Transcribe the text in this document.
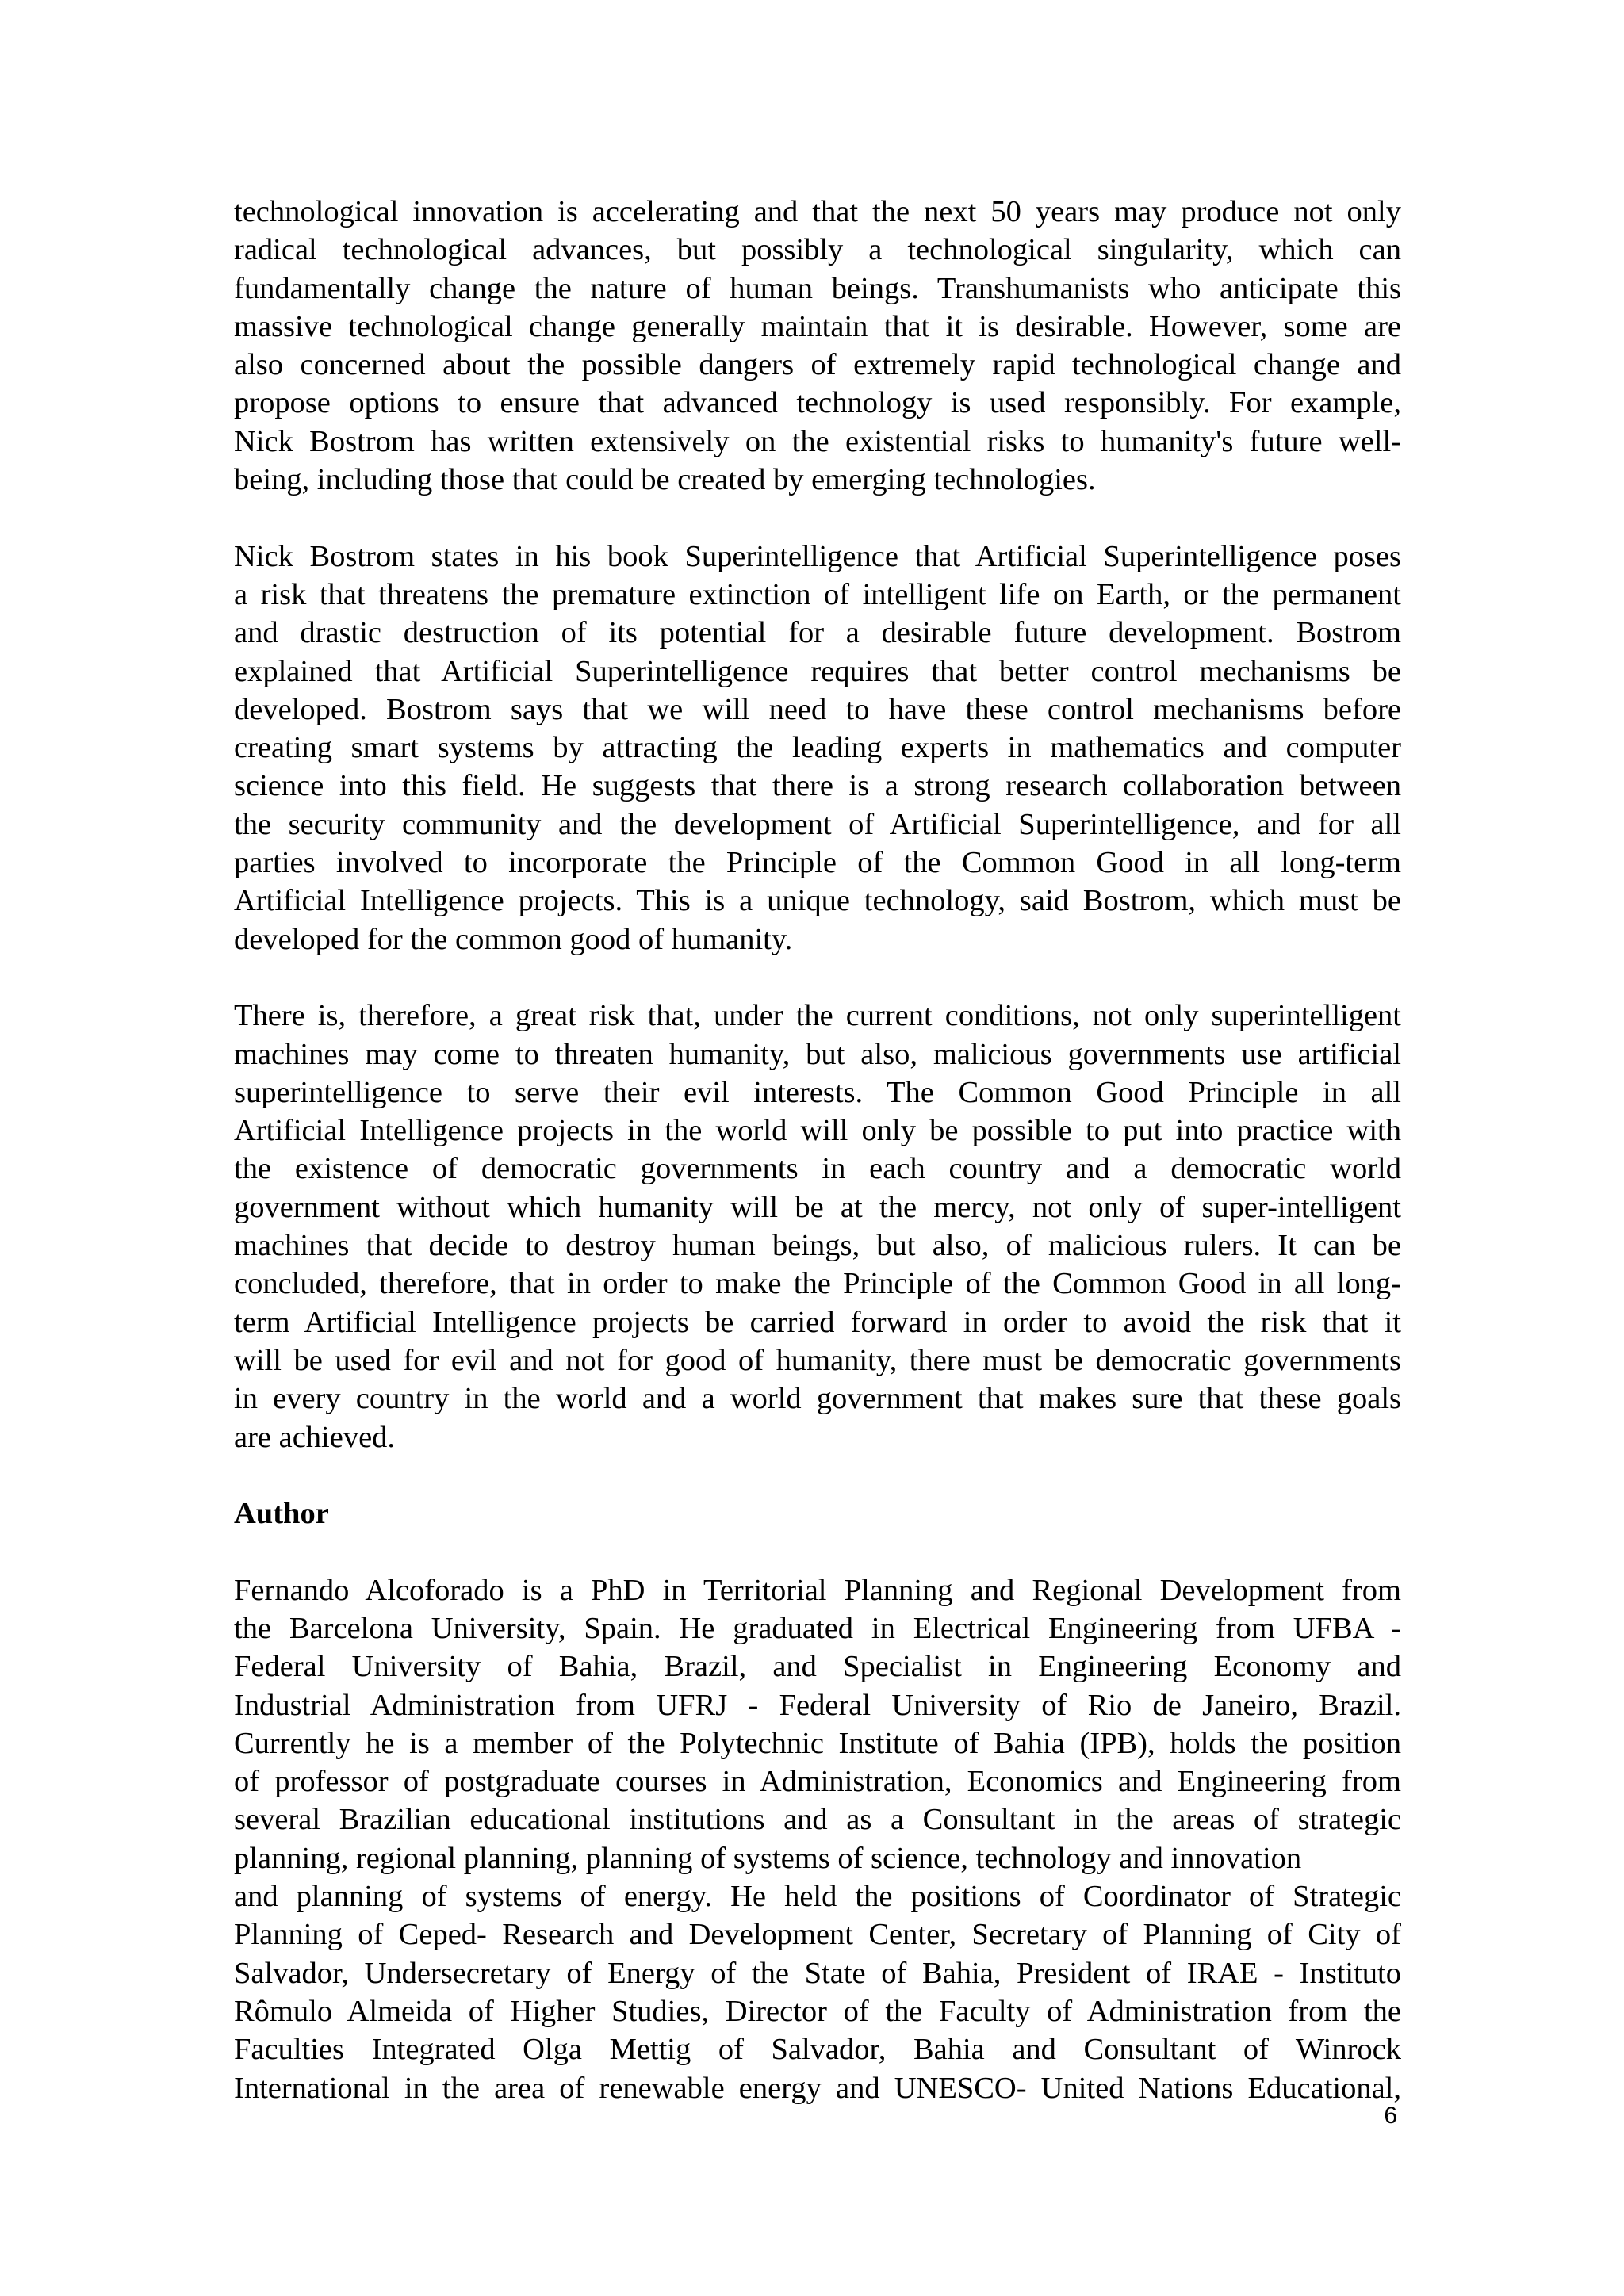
technological innovation is accelerating and that the next 50 years may produce not only
radical technological advances, but possibly a technological singularity, which can
fundamentally change the nature of human beings. Transhumanists who anticipate this
massive technological change generally maintain that it is desirable. However, some are
also concerned about the possible dangers of extremely rapid technological change and
propose options to ensure that advanced technology is used responsibly. For example,
Nick Bostrom has written extensively on the existential risks to humanity's future well-
being, including those that could be created by emerging technologies.
Nick Bostrom states in his book Superintelligence that Artificial Superintelligence poses
a risk that threatens the premature extinction of intelligent life on Earth, or the permanent
and drastic destruction of its potential for a desirable future development. Bostrom
explained that Artificial Superintelligence requires that better control mechanisms be
developed. Bostrom says that we will need to have these control mechanisms before
creating smart systems by attracting the leading experts in mathematics and computer
science into this field. He suggests that there is a strong research collaboration between
the security community and the development of Artificial Superintelligence, and for all
parties involved to incorporate the Principle of the Common Good in all long-term
Artificial Intelligence projects. This is a unique technology, said Bostrom, which must be
developed for the common good of humanity.
There is, therefore, a great risk that, under the current conditions, not only superintelligent
machines may come to threaten humanity, but also, malicious governments use artificial
superintelligence to serve their evil interests. The Common Good Principle in all
Artificial Intelligence projects in the world will only be possible to put into practice with
the existence of democratic governments in each country and a democratic world
government without which humanity will be at the mercy, not only of super-intelligent
machines that decide to destroy human beings, but also, of malicious rulers. It can be
concluded, therefore, that in order to make the Principle of the Common Good in all long-
term Artificial Intelligence projects be carried forward in order to avoid the risk that it
will be used for evil and not for good of humanity, there must be democratic governments
in every country in the world and a world government that makes sure that these goals
are achieved.
Author
Fernando Alcoforado is a PhD in Territorial Planning and Regional Development from
the Barcelona University, Spain. He graduated in Electrical Engineering from UFBA -
Federal University of Bahia, Brazil, and Specialist in Engineering Economy and
Industrial Administration from UFRJ - Federal University of Rio de Janeiro, Brazil.
Currently he is a member of the Polytechnic Institute of Bahia (IPB), holds the position
of professor of postgraduate courses in Administration, Economics and Engineering from
several Brazilian educational institutions and as a Consultant in the areas of strategic
planning, regional planning, planning of systems of science, technology and innovation
and planning of systems of energy. He held the positions of Coordinator of Strategic
Planning of Ceped- Research and Development Center, Secretary of Planning of City of
Salvador, Undersecretary of Energy of the State of Bahia, President of IRAE - Instituto
Rômulo Almeida of Higher Studies, Director of the Faculty of Administration from the
Faculties Integrated Olga Mettig of Salvador, Bahia and Consultant of Winrock
International in the area of renewable energy and UNESCO- United Nations Educational,
6
